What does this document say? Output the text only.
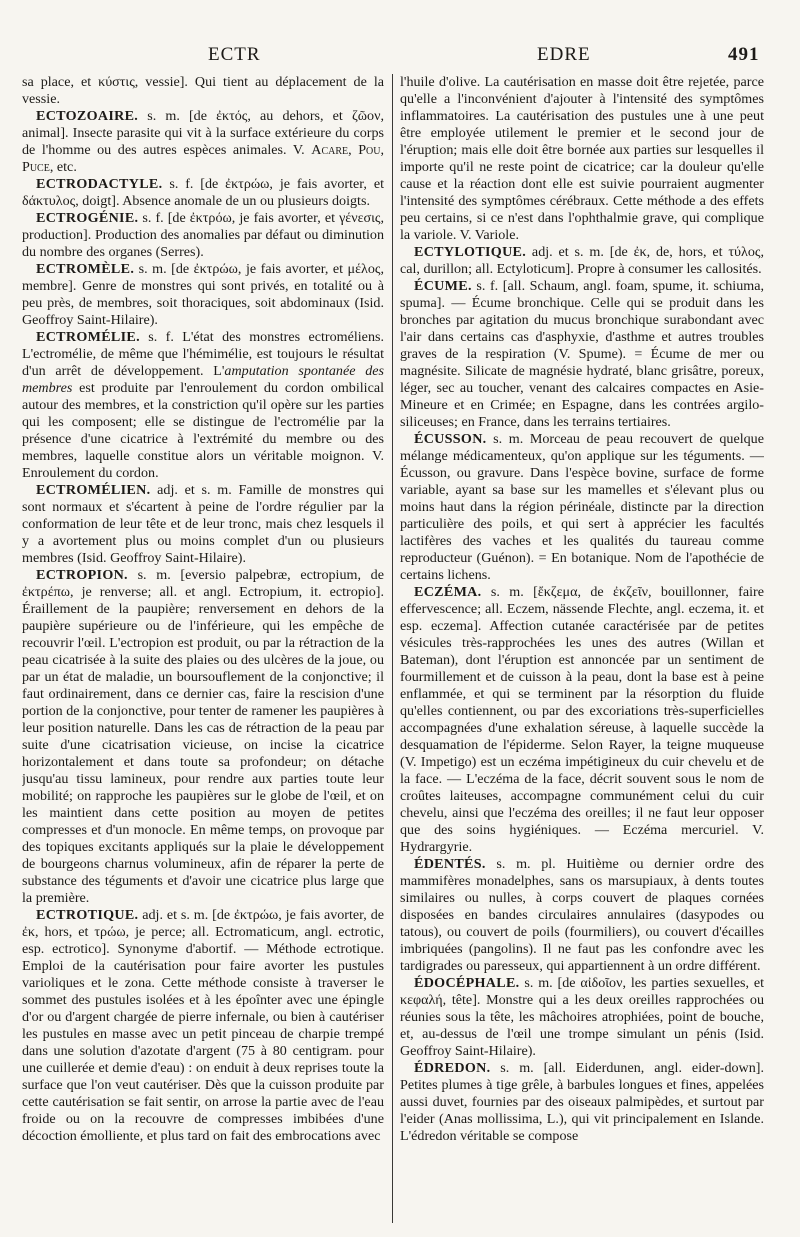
ECTR	EDRE	491

sa place, et κύστις, vessie]. Qui tient au déplacement de la vessie.

ECTOZOAIRE. s. m. [de ἐκτός, au dehors, et ζῶον, animal]. Insecte parasite qui vit à la surface extérieure du corps de l'homme ou des autres espèces animales. V. Acare, Pou, Puce, etc.

ECTRODACTYLE. s. f. [de ἐκτρώω, je fais avorter, et δάκτυλος, doigt]. Absence anomale de un ou plusieurs doigts.

ECTROGÉNIE. s. f. [de ἐκτρόω, je fais avorter, et γένεσις, production]. Production des anomalies par défaut ou diminution du nombre des organes (Serres).

ECTROMÈLE. s. m. [de ἐκτρώω, je fais avorter, et μέλος, membre]. Genre de monstres qui sont privés, en totalité ou à peu près, de membres, soit thoraciques, soit abdominaux (Isid. Geoffroy Saint-Hilaire).

ECTROMÉLIE. s. f. L'état des monstres ectroméliens. L'ectromélie, de même que l'hémimélie, est toujours le résultat d'un arrêt de développement. L'amputation spontanée des membres est produite par l'enroulement du cordon ombilical autour des membres, et la constriction qu'il opère sur les parties qui les composent; elle se distingue de l'ectromélie par la présence d'une cicatrice à l'extrémité du membre ou des membres, laquelle constitue alors un véritable moignon. V. Enroulement du cordon.

ECTROMÉLIEN. adj. et s. m. Famille de monstres qui sont normaux et s'écartent à peine de l'ordre régulier par la conformation de leur tête et de leur tronc, mais chez lesquels il y a avortement plus ou moins complet d'un ou plusieurs membres (Isid. Geoffroy Saint-Hilaire).

ECTROPION. s. m. [eversio palpebræ, ectropium, de ἐκτρέπω, je renverse; all. et angl. Ectropium, it. ectropio]. Éraillement de la paupière; renversement en dehors de la paupière supérieure ou de l'inférieure, qui les empêche de recouvrir l'œil. L'ectropion est produit, ou par la rétraction de la peau cicatrisée à la suite des plaies ou des ulcères de la joue, ou par un état de maladie, un boursouflement de la conjonctive; il faut ordinairement, dans ce dernier cas, faire la rescision d'une portion de la conjonctive, pour tenter de ramener les paupières à leur position naturelle. Dans les cas de rétraction de la peau par suite d'une cicatrisation vicieuse, on incise la cicatrice horizontalement et dans toute sa profondeur; on détache jusqu'au tissu lamineux, pour rendre aux parties toute leur mobilité; on rapproche les paupières sur le globe de l'œil, et on les maintient dans cette position au moyen de petites compresses et d'un monocle. En même temps, on provoque par des topiques excitants appliqués sur la plaie le développement de bourgeons charnus volumineux, afin de réparer la perte de substance des téguments et d'avoir une cicatrice plus large que la première.

ECTROTIQUE. adj. et s. m. [de ἐκτρώω, je fais avorter, de ἐκ, hors, et τρώω, je perce; all. Ectromaticum, angl. ectrotic, esp. ectrotico]. Synonyme d'abortif. — Méthode ectrotique. Emploi de la cautérisation pour faire avorter les pustules varioliques et le zona. Cette méthode consiste à traverser le sommet des pustules isolées et à les époînter avec une épingle d'or ou d'argent chargée de pierre infernale, ou bien à cautériser les pustules en masse avec un petit pinceau de charpie trempé dans une solution d'azotate d'argent (75 à 80 centigram. pour une cuillerée et demie d'eau) : on enduit à deux reprises toute la surface que l'on veut cautériser. Dès que la cuisson produite par cette cautérisation se fait sentir, on arrose la partie avec de l'eau froide ou on la recouvre de compresses imbibées d'une décoction émolliente, et plus tard on fait des embrocations avec

l'huile d'olive. La cautérisation en masse doit être rejetée, parce qu'elle a l'inconvénient d'ajouter à l'intensité des symptômes inflammatoires. La cautérisation des pustules une à une peut être employée utilement le premier et le second jour de l'éruption; mais elle doit être bornée aux parties sur lesquelles il importe qu'il ne reste point de cicatrice; car la douleur qu'elle cause et la réaction dont elle est suivie pourraient augmenter l'intensité des symptômes cérébraux. Cette méthode a des effets peu certains, si ce n'est dans l'ophthalmie grave, qui complique la variole. V. Variole.

ECTYLOTIQUE. adj. et s. m. [de ἐκ, de, hors, et τύλος, cal, durillon; all. Ectyloticum]. Propre à consumer les callosités.

ÉCUME. s. f. [all. Schaum, angl. foam, spume, it. schiuma, spuma]. — Écume bronchique. Celle qui se produit dans les bronches par agitation du mucus bronchique surabondant avec l'air dans certains cas d'asphyxie, d'asthme et autres troubles graves de la respiration (V. Spume). = Écume de mer ou magnésite. Silicate de magnésie hydraté, blanc grisâtre, poreux, léger, sec au toucher, venant des calcaires compactes en Asie-Mineure et en Crimée; en Espagne, dans les contrées argilo-siliceuses; en France, dans les terrains tertiaires.

ÉCUSSON. s. m. Morceau de peau recouvert de quelque mélange médicamenteux, qu'on applique sur les téguments. — Écusson, ou gravure. Dans l'espèce bovine, surface de forme variable, ayant sa base sur les mamelles et s'élevant plus ou moins haut dans la région périnéale, distincte par la direction particulière des poils, et qui sert à apprécier les facultés lactifères des vaches et les qualités du taureau comme reproducteur (Guénon). = En botanique. Nom de l'apothécie de certains lichens.

ECZÉMA. s. m. [ἔκζεμα, de ἐκζεῖν, bouillonner, faire effervescence; all. Eczem, nässende Flechte, angl. eczema, it. et esp. eczema]. Affection cutanée caractérisée par de petites vésicules très-rapprochées les unes des autres (Willan et Bateman), dont l'éruption est annoncée par un sentiment de fourmillement et de cuisson à la peau, dont la base est à peine enflammée, et qui se terminent par la résorption du fluide qu'elles contiennent, ou par des excoriations très-superficielles accompagnées d'une exhalation séreuse, à laquelle succède la desquamation de l'épiderme. Selon Rayer, la teigne muqueuse (V. Impetigo) est un eczéma impétigineux du cuir chevelu et de la face. — L'eczéma de la face, décrit souvent sous le nom de croûtes laiteuses, accompagne communément celui du cuir chevelu, ainsi que l'eczéma des oreilles; il ne faut leur opposer que des soins hygiéniques. — Eczéma mercuriel. V. Hydrargyrie.

ÉDENTÉS. s. m. pl. Huitième ou dernier ordre des mammifères monadelphes, sans os marsupiaux, à dents toutes similaires ou nulles, à corps couvert de plaques cornées disposées en bandes circulaires annulaires (dasypodes ou tatous), ou couvert de poils (fourmiliers), ou couvert d'écailles imbriquées (pangolins). Il ne faut pas les confondre avec les tardigrades ou paresseux, qui appartiennent à un ordre différent.

ÉDOCÉPHALE. s. m. [de αἰδοῖον, les parties sexuelles, et κεφαλή, tête]. Monstre qui a les deux oreilles rapprochées ou réunies sous la tête, les mâchoires atrophiées, point de bouche, et, au-dessus de l'œil une trompe simulant un pénis (Isid. Geoffroy Saint-Hilaire).

ÉDREDON. s. m. [all. Eiderdunen, angl. eider-down]. Petites plumes à tige grêle, à barbules longues et fines, appelées aussi duvet, fournies par des oiseaux palmipèdes, et surtout par l'eider (Anas mollissima, L.), qui vit principalement en Islande. L'édredon véritable se compose
